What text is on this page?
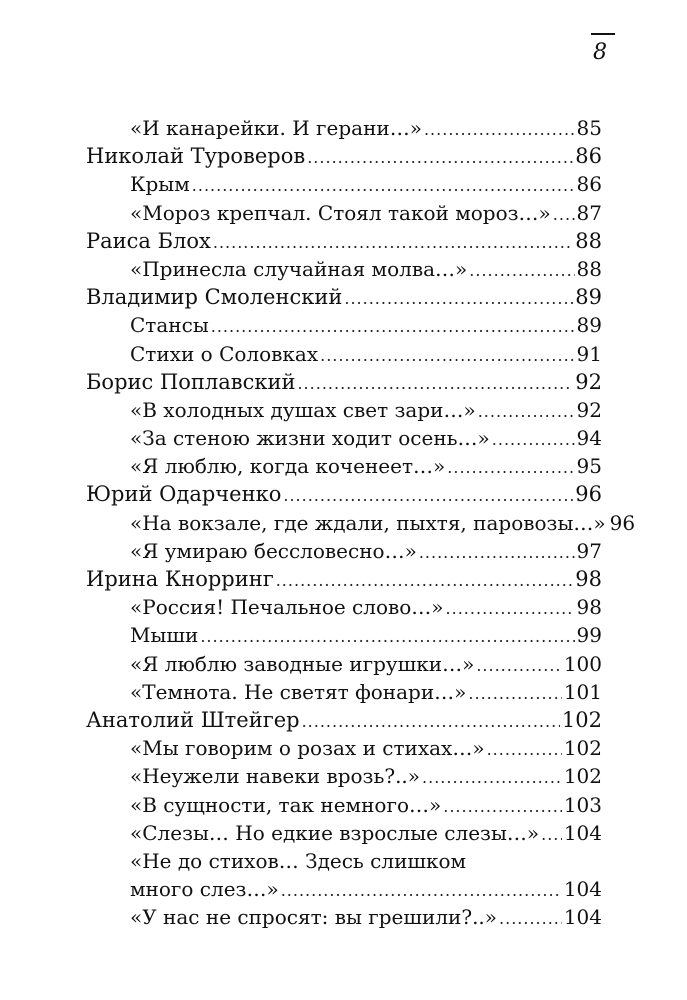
8
«И канарейки. И герани…» .....	85
Николай Туроверов .....	86
Крым .....	86
«Мороз крепчал. Стоял такой мороз…» ..... 87
Раиса Блох .....	88
«Принесла случайная молва…» .....	88
Владимир Смоленский .....	89
Стансы .....	89
Стихи о Соловках .....	91
Борис Поплавский .....	92
«В холодных душах свет зари…» .....	92
«За стеною жизни ходит осень…» .....	94
«Я люблю, когда коченеет…» .....	95
Юрий Одарченко .....	96
«На вокзале, где ждали, пыхтя, паровозы…» 96
«Я умираю бессловесно…» .....	97
Ирина Кнорринг .....	98
«Россия! Печальное слово…» .....	98
Мыши .....	99
«Я люблю заводные игрушки…» .....	100
«Темнота. Не светят фонари…» .....	101
Анатолий Штейгер .....	102
«Мы говорим о розах и стихах…» .....	102
«Неужели навеки врозь?..» .....	102
«В сущности, так немного…» .....	103
«Слезы… Но едкие взрослые слезы…» ..... 104
«Не до стихов… Здесь слишком
много слез…» .....	104
«У нас не спросят: вы грешили?..» .....	104
